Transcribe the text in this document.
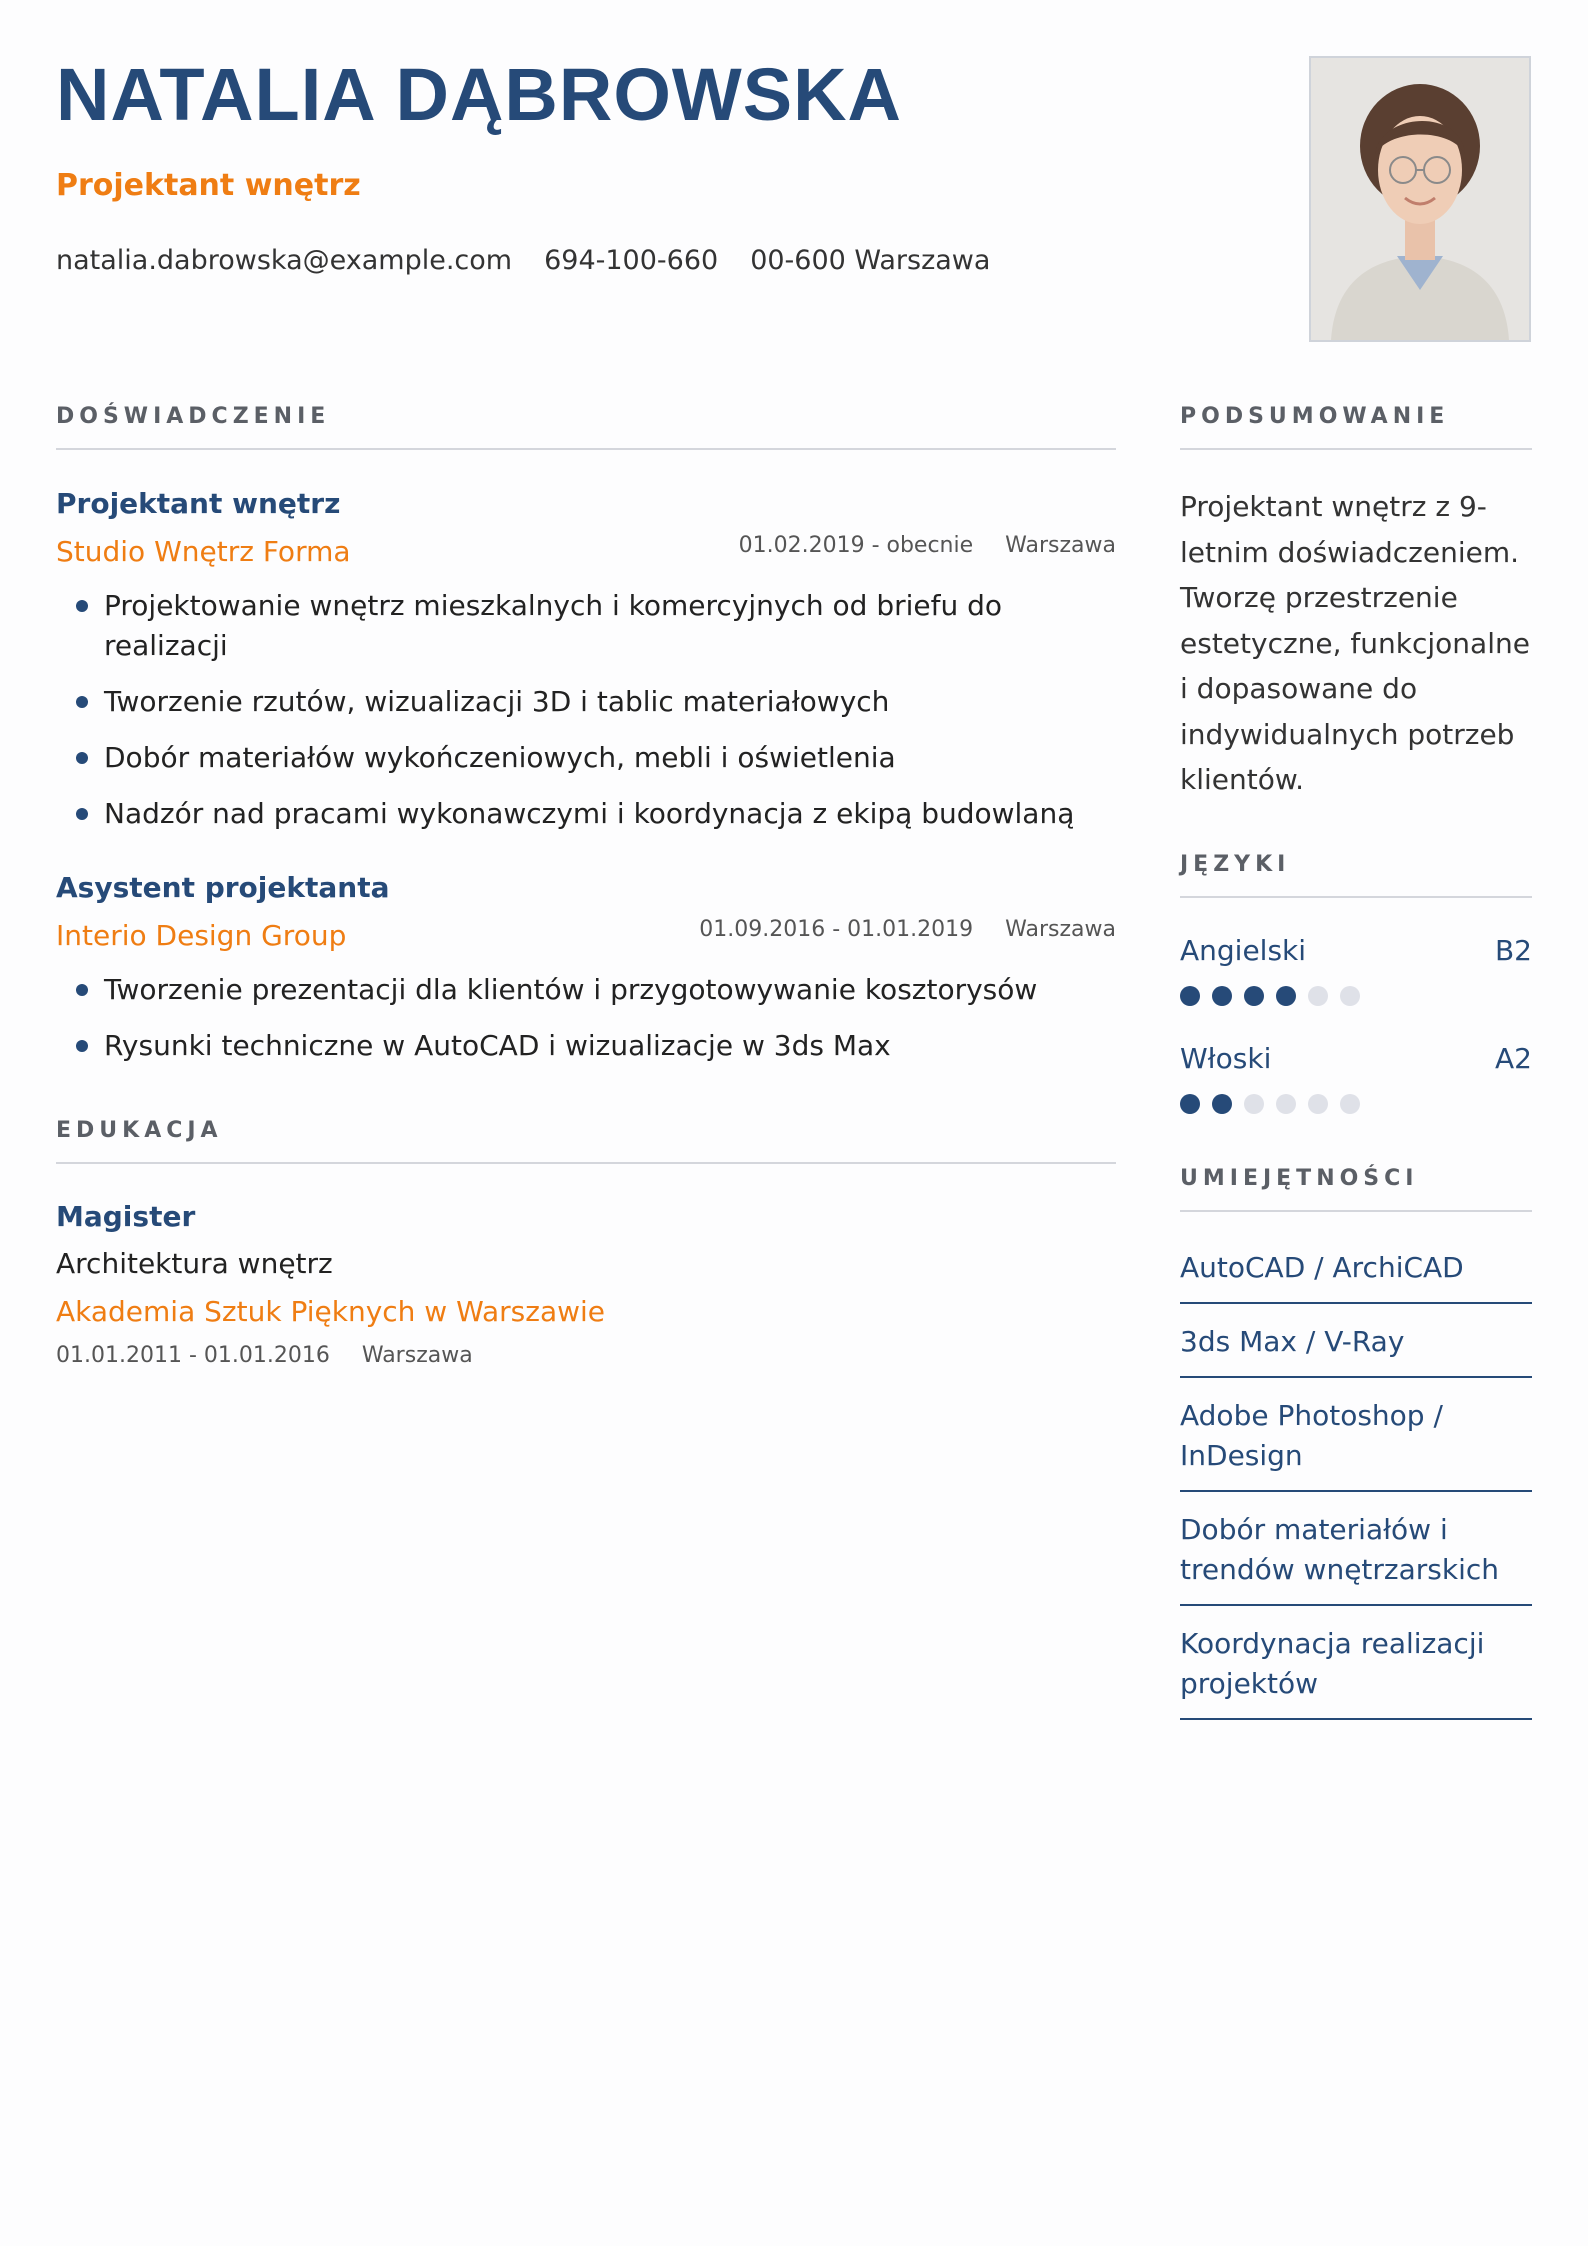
NATALIA DĄBROWSKA
Projektant wnętrz
natalia.dabrowska@example.com 694-100-660 00-600 Warszawa
DOŚWIADCZENIE
Projektant wnętrz
Studio Wnętrz Forma	01.02.2019 - obecnie Warszawa
Projektowanie wnętrz mieszkalnych i komercyjnych od briefu do realizacji
Tworzenie rzutów, wizualizacji 3D i tablic materiałowych
Dobór materiałów wykończeniowych, mebli i oświetlenia
Nadzór nad pracami wykonawczymi i koordynacja z ekipą budowlaną
Asystent projektanta
Interio Design Group	01.09.2016 - 01.01.2019 Warszawa
Tworzenie prezentacji dla klientów i przygotowywanie kosztorysów
Rysunki techniczne w AutoCAD i wizualizacje w 3ds Max
EDUKACJA
Magister
Architektura wnętrz
Akademia Sztuk Pięknych w Warszawie
01.01.2011 - 01.01.2016 Warszawa
PODSUMOWANIE

Projektant wnętrz z 9-letnim doświadczeniem. Tworzę przestrzenie estetyczne, funkcjonalne i dopasowane do indywidualnych potrzeb klientów.

JĘZYKI
Angielski	B2
Włoski	A2
UMIEJĘTNOŚCI
AutoCAD / ArchiCAD
3ds Max / V-Ray
Adobe Photoshop / InDesign
Dobór materiałów i trendów wnętrzarskich
Koordynacja realizacji projektów
